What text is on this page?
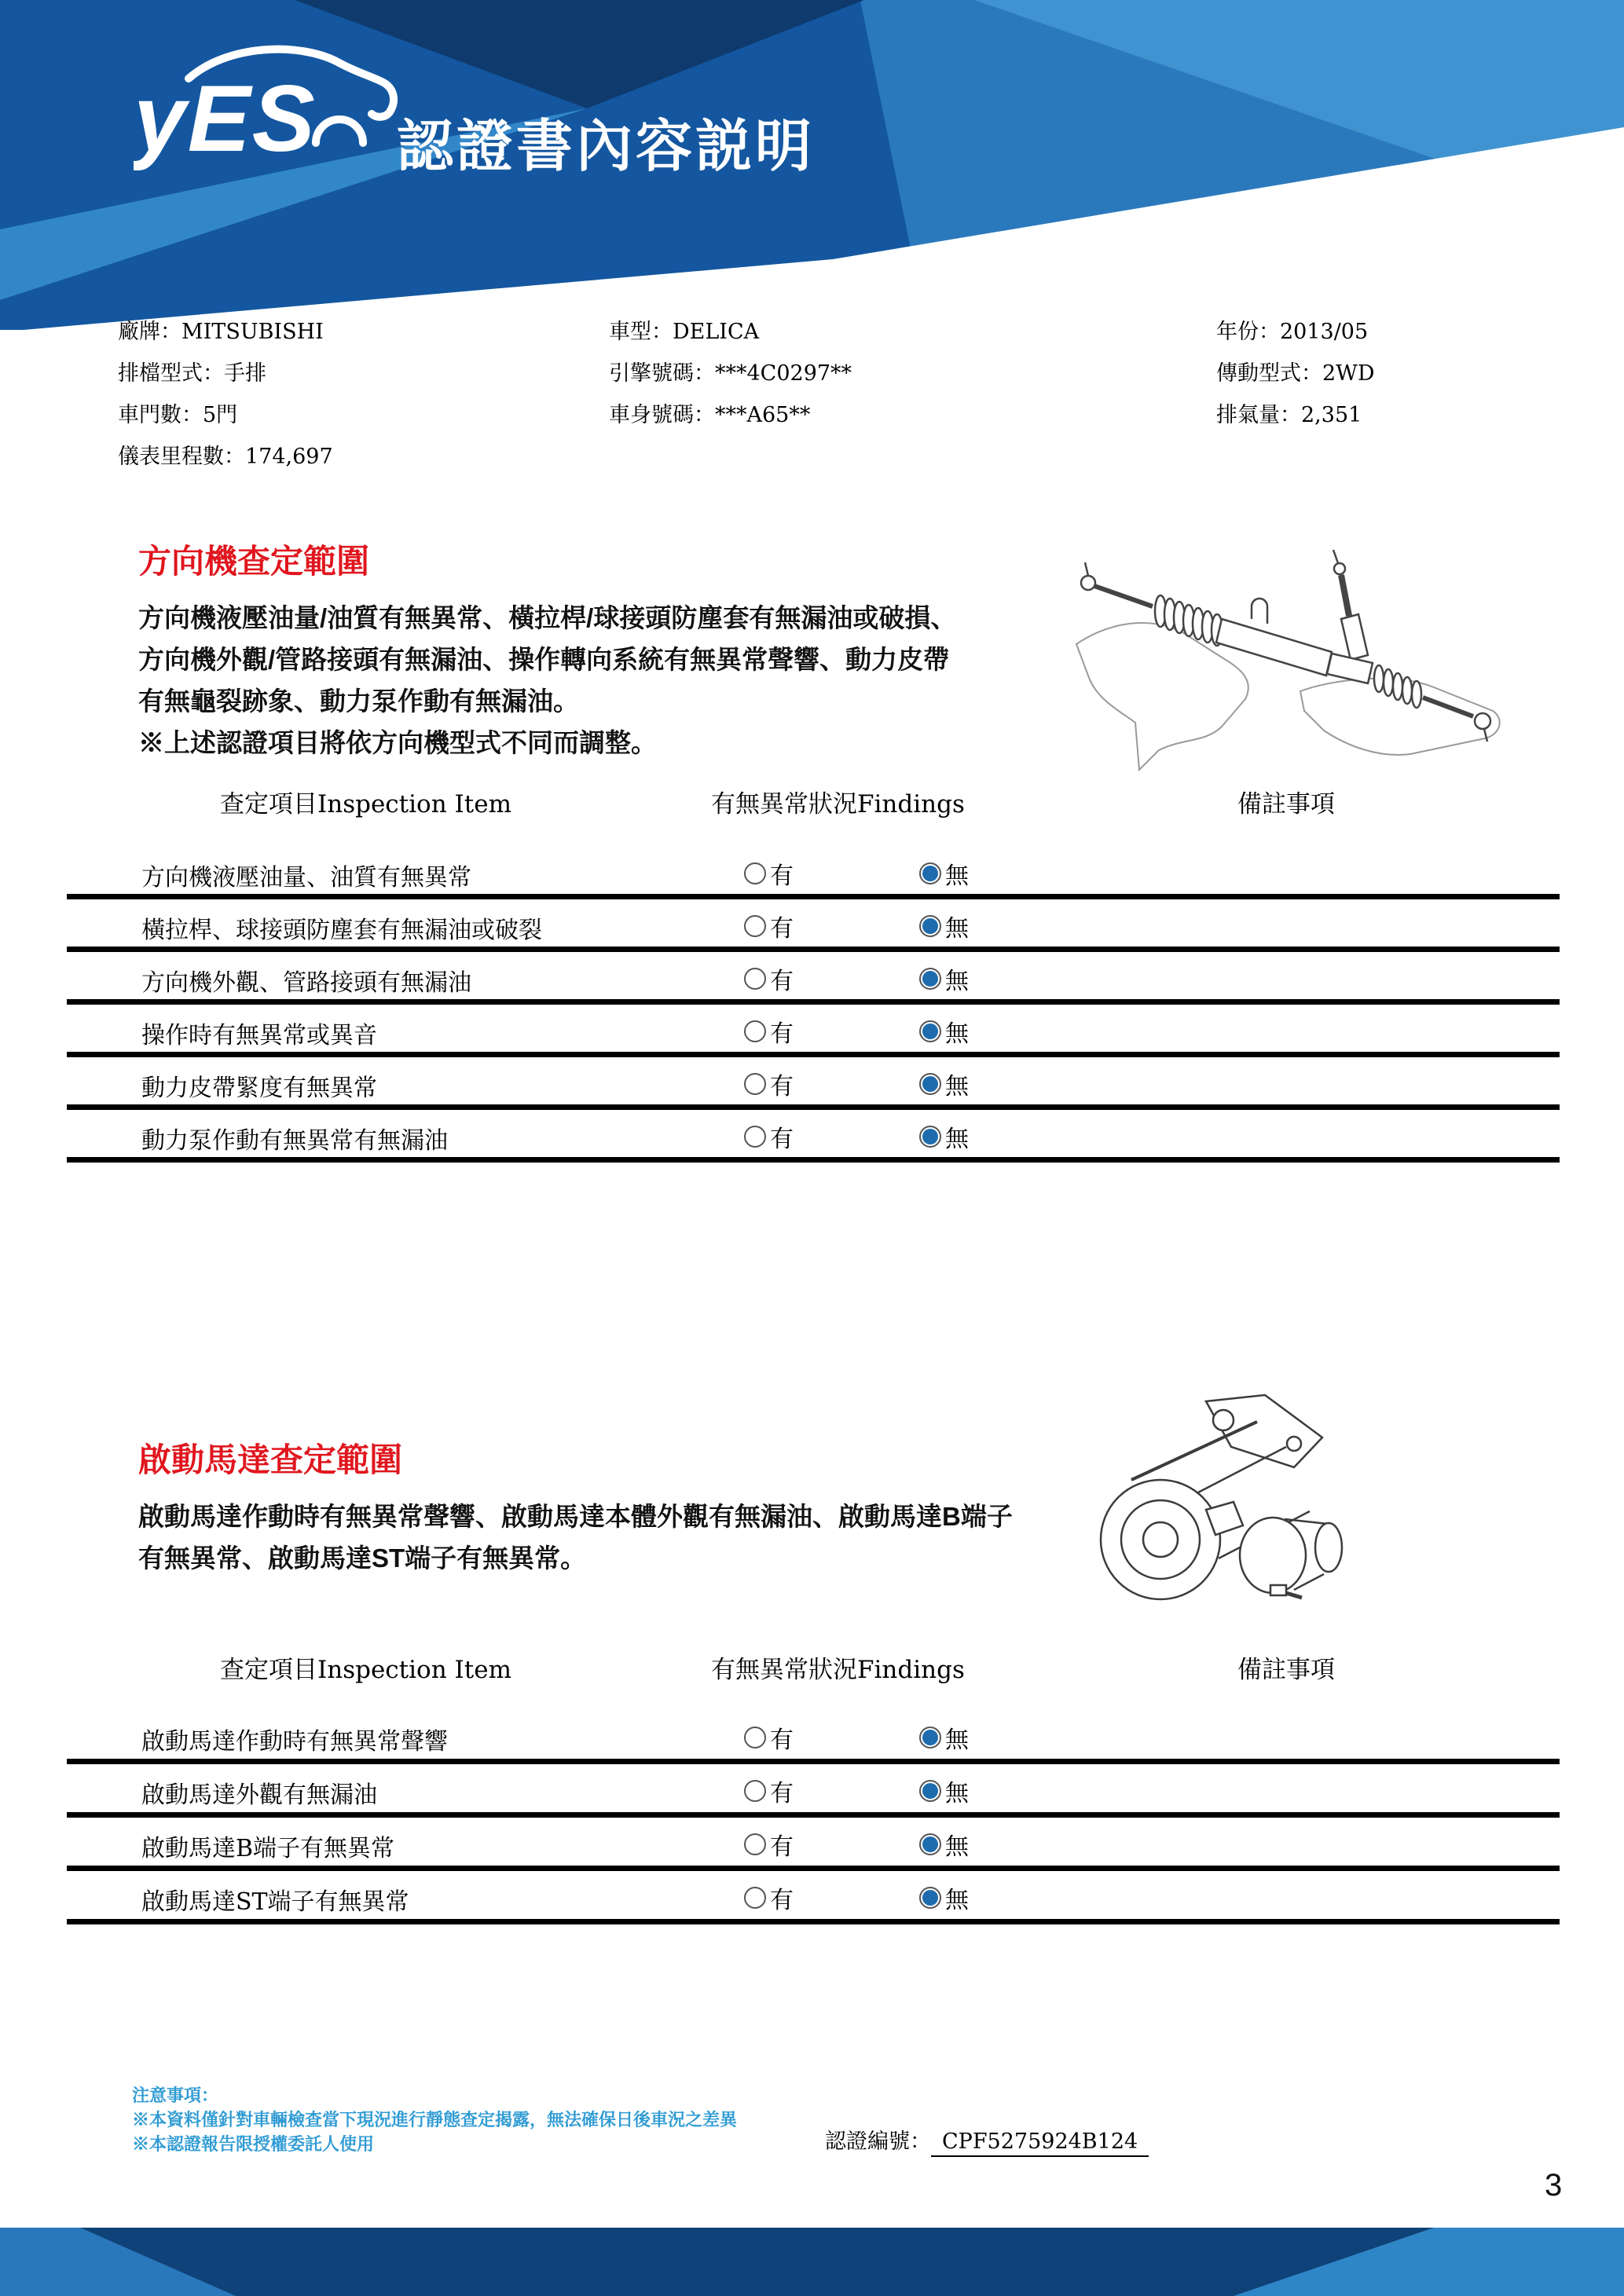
yES 認證書內容説明
廠牌：MITSUBISHI
排檔型式：手排
車門數：5門
儀表里程數：174,697
車型：DELICA
引擎號碼：***4C0297**
車身號碼：***A65**
年份：2013/05
傳動型式：2WD
排氣量：2,351
方向機查定範圍
方向機液壓油量/油質有無異常、橫拉桿/球接頭防塵套有無漏油或破損、
方向機外觀/管路接頭有無漏油、操作轉向系統有無異常聲響、動力皮帶
有無龜裂跡象、動力泵作動有無漏油。
※上述認證項目將依方向機型式不同而調整。
查定項目Inspection Item	有無異常狀況Findings	備註事項
方向機液壓油量、油質有無異常	有	無
橫拉桿、球接頭防塵套有無漏油或破裂	有	無
方向機外觀、管路接頭有無漏油	有	無
操作時有無異常或異音	有	無
動力皮帶緊度有無異常	有	無
動力泵作動有無異常有無漏油	有	無
啟動馬達查定範圍
啟動馬達作動時有無異常聲響、啟動馬達本體外觀有無漏油、啟動馬達B端子
有無異常、啟動馬達ST端子有無異常。
查定項目Inspection Item	有無異常狀況Findings	備註事項
啟動馬達作動時有無異常聲響	有	無
啟動馬達外觀有無漏油	有	無
啟動馬達B端子有無異常	有	無
啟動馬達ST端子有無異常	有	無
注意事項：
※本資料僅針對車輛檢查當下現況進行靜態查定揭露，無法確保日後車況之差異
※本認證報告限授權委託人使用	認證編號： CPF5275924B124
3
